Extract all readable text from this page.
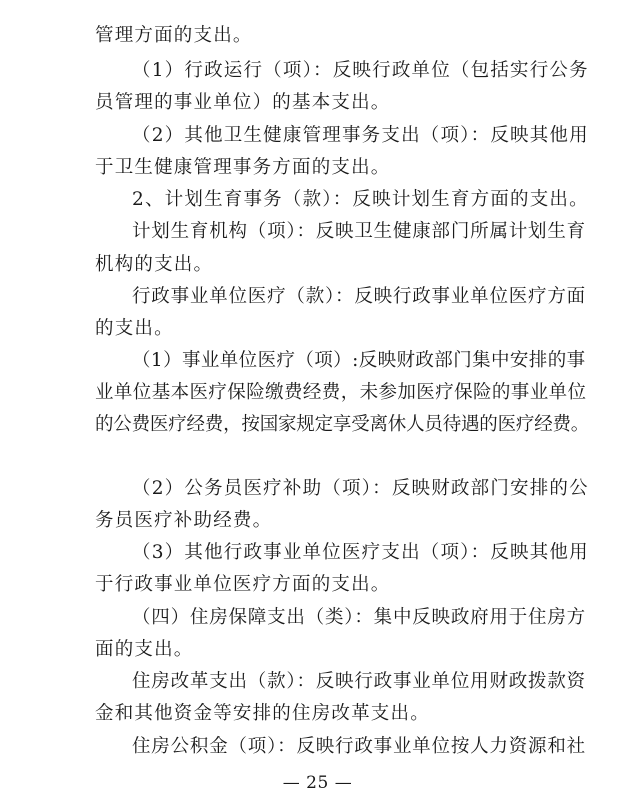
管理方面的支出。
（1）行政运行（项）：反映行政单位（包括实行公务
员管理的事业单位）的基本支出。
（2）其他卫生健康管理事务支出（项）：反映其他用
于卫生健康管理事务方面的支出。
2、计划生育事务（款）：反映计划生育方面的支出。
计划生育机构（项）：反映卫生健康部门所属计划生育
机构的支出。
行政事业单位医疗（款）：反映行政事业单位医疗方面
的支出。
（1）事业单位医疗（项）:反映财政部门集中安排的事
业单位基本医疗保险缴费经费，未参加医疗保险的事业单位
的公费医疗经费，按国家规定享受离休人员待遇的医疗经费。
（2）公务员医疗补助（项）：反映财政部门安排的公
务员医疗补助经费。
（3）其他行政事业单位医疗支出（项）：反映其他用
于行政事业单位医疗方面的支出。
（四）住房保障支出（类）：集中反映政府用于住房方
面的支出。
住房改革支出（款）：反映行政事业单位用财政拨款资
金和其他资金等安排的住房改革支出。
住房公积金（项）：反映行政事业单位按人力资源和社
— 25 —
